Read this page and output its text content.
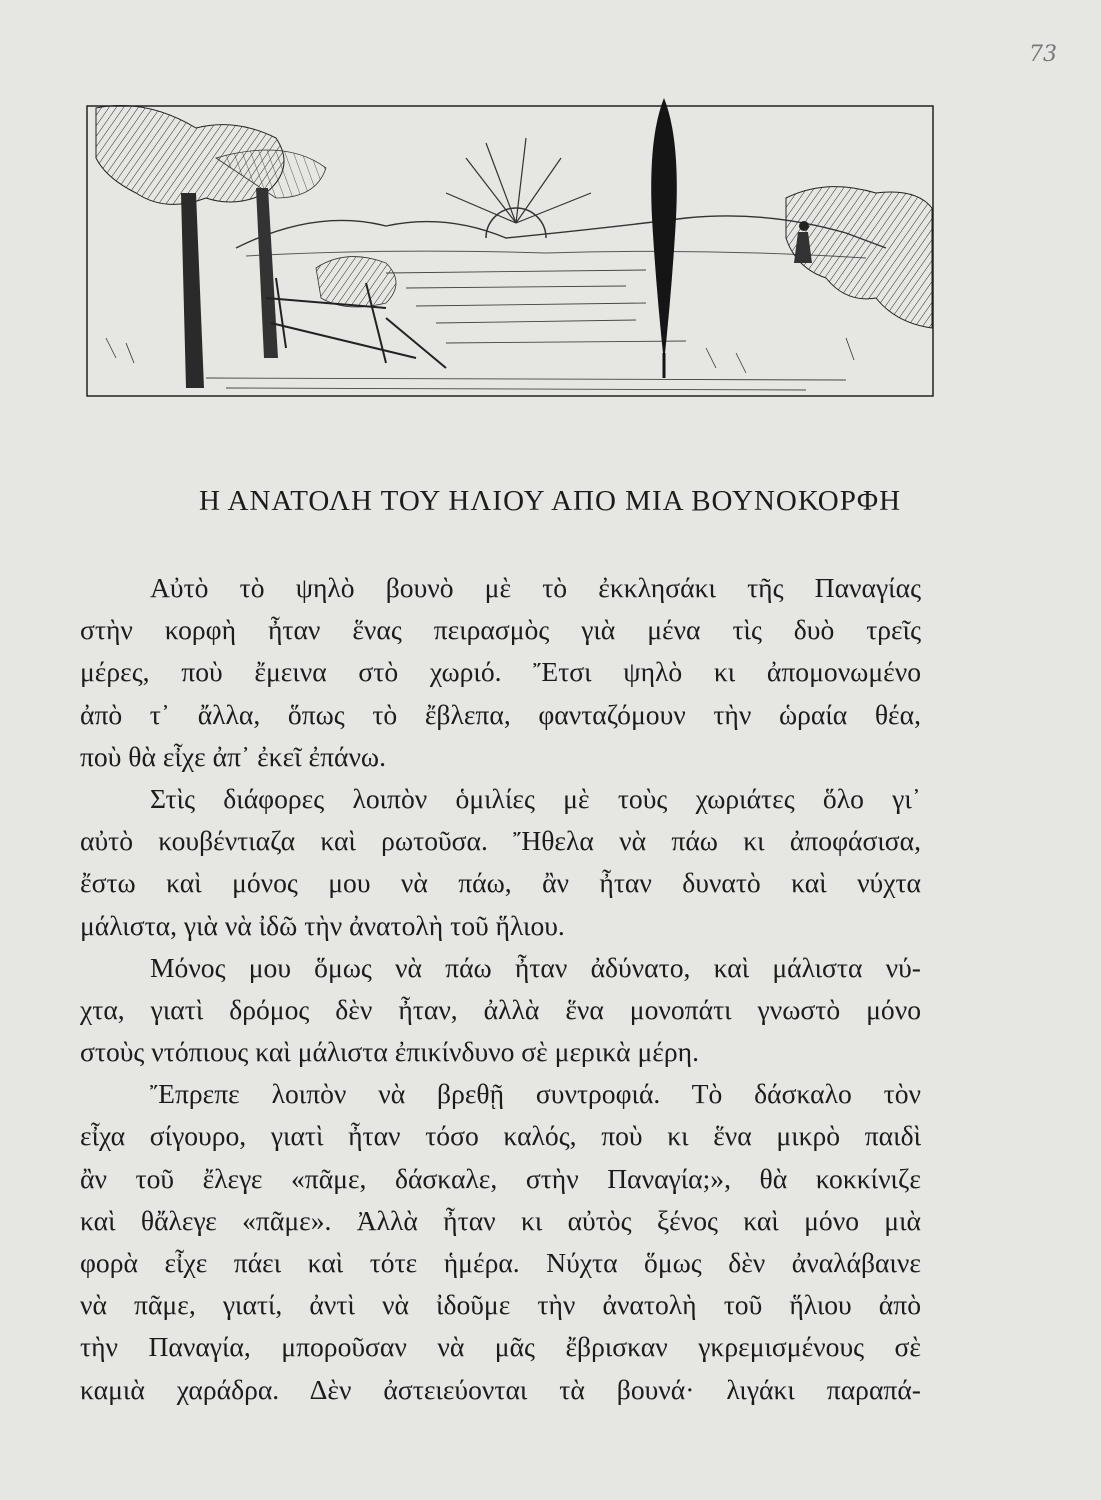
73
Η ΑΝΑΤΟΛΗ ΤΟΥ ΗΛΙΟΥ ΑΠΟ ΜΙΑ ΒΟΥΝΟΚΟΡΦΗ

Αὐτὸ τὸ ψηλὸ βουνὸ μὲ τὸ ἐκκλησάκι τῆς Παναγίας
στὴν κορφὴ ἦταν ἕνας πειρασμὸς γιὰ μένα τὶς δυὸ τρεῖς
μέρες, ποὺ ἔμεινα στὸ χωριό. Ἔτσι ψηλὸ κι ἀπομονωμένο
ἀπὸ τ᾽ ἄλλα, ὅπως τὸ ἔβλεπα, φανταζόμουν τὴν ὡραία θέα,
ποὺ θὰ εἶχε ἀπ᾽ ἐκεῖ ἐπάνω.

Στὶς διάφορες λοιπὸν ὁμιλίες μὲ τοὺς χωριάτες ὅλο γι᾽
αὐτὸ κουβέντιαζα καὶ ρωτοῦσα. Ἤθελα νὰ πάω κι ἀποφάσισα,
ἔστω καὶ μόνος μου νὰ πάω, ἂν ἦταν δυνατὸ καὶ νύχτα
μάλιστα, γιὰ νὰ ἰδῶ τὴν ἀνατολὴ τοῦ ἥλιου.

Μόνος μου ὅμως νὰ πάω ἦταν ἀδύνατο, καὶ μάλιστα νύ-
χτα, γιατὶ δρόμος δὲν ἦταν, ἀλλὰ ἕνα μονοπάτι γνωστὸ μόνο
στοὺς ντόπιους καὶ μάλιστα ἐπικίνδυνο σὲ μερικὰ μέρη.

Ἔπρεπε λοιπὸν νὰ βρεθῇ συντροφιά. Τὸ δάσκαλο τὸν
εἶχα σίγουρο, γιατὶ ἦταν τόσο καλός, ποὺ κι ἕνα μικρὸ παιδὶ
ἂν τοῦ ἔλεγε «πᾶμε, δάσκαλε, στὴν Παναγία;», θὰ κοκκίνιζε
καὶ θἄλεγε «πᾶμε». Ἀλλὰ ἦταν κι αὐτὸς ξένος καὶ μόνο μιὰ
φορὰ εἶχε πάει καὶ τότε ἡμέρα. Νύχτα ὅμως δὲν ἀναλάβαινε
νὰ πᾶμε, γιατί, ἀντὶ νὰ ἰδοῦμε τὴν ἀνατολὴ τοῦ ἥλιου ἀπὸ
τὴν Παναγία, μποροῦσαν νὰ μᾶς ἔβρισκαν γκρεμισμένους σὲ
καμιὰ χαράδρα. Δὲν ἀστειεύονται τὰ βουνά· λιγάκι παραπά-
